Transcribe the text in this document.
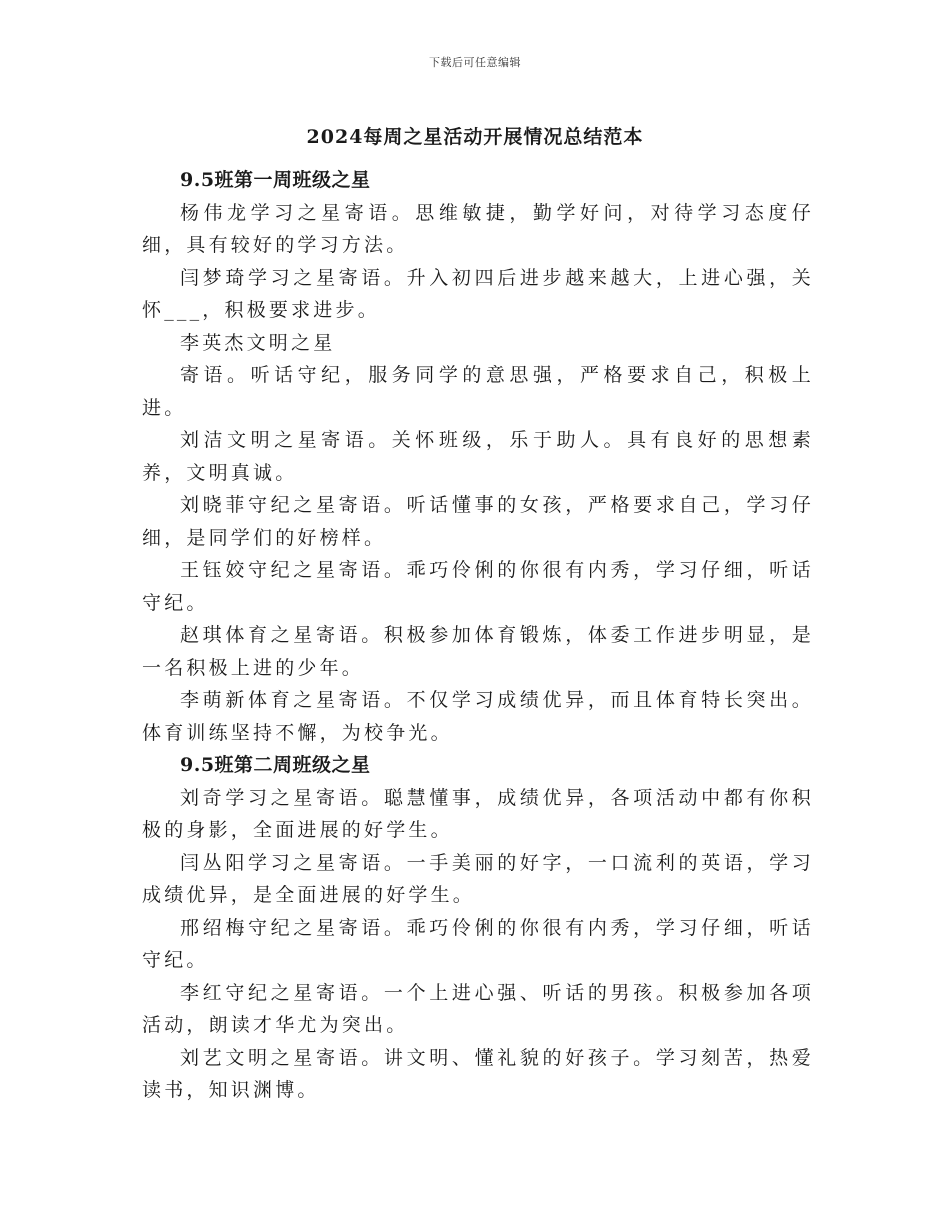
下载后可任意编辑
2024每周之星活动开展情况总结范本

9.5班第一周班级之星

杨伟龙学习之星寄语。思维敏捷，勤学好问，对待学习态度仔细，具有较好的学习方法。

闫梦琦学习之星寄语。升入初四后进步越来越大，上进心强，关怀___，积极要求进步。

李英杰文明之星

寄语。听话守纪，服务同学的意思强，严格要求自己，积极上进。

刘洁文明之星寄语。关怀班级，乐于助人。具有良好的思想素养，文明真诚。

刘晓菲守纪之星寄语。听话懂事的女孩，严格要求自己，学习仔细，是同学们的好榜样。

王钰姣守纪之星寄语。乖巧伶俐的你很有内秀，学习仔细，听话守纪。

赵琪体育之星寄语。积极参加体育锻炼，体委工作进步明显，是一名积极上进的少年。

李萌新体育之星寄语。不仅学习成绩优异，而且体育特长突出。体育训练坚持不懈，为校争光。

9.5班第二周班级之星

刘奇学习之星寄语。聪慧懂事，成绩优异，各项活动中都有你积极的身影，全面进展的好学生。

闫丛阳学习之星寄语。一手美丽的好字，一口流利的英语，学习成绩优异，是全面进展的好学生。

邢绍梅守纪之星寄语。乖巧伶俐的你很有内秀，学习仔细，听话守纪。

李红守纪之星寄语。一个上进心强、听话的男孩。积极参加各项活动，朗读才华尤为突出。

刘艺文明之星寄语。讲文明、懂礼貌的好孩子。学习刻苦，热爱读书，知识渊博。
